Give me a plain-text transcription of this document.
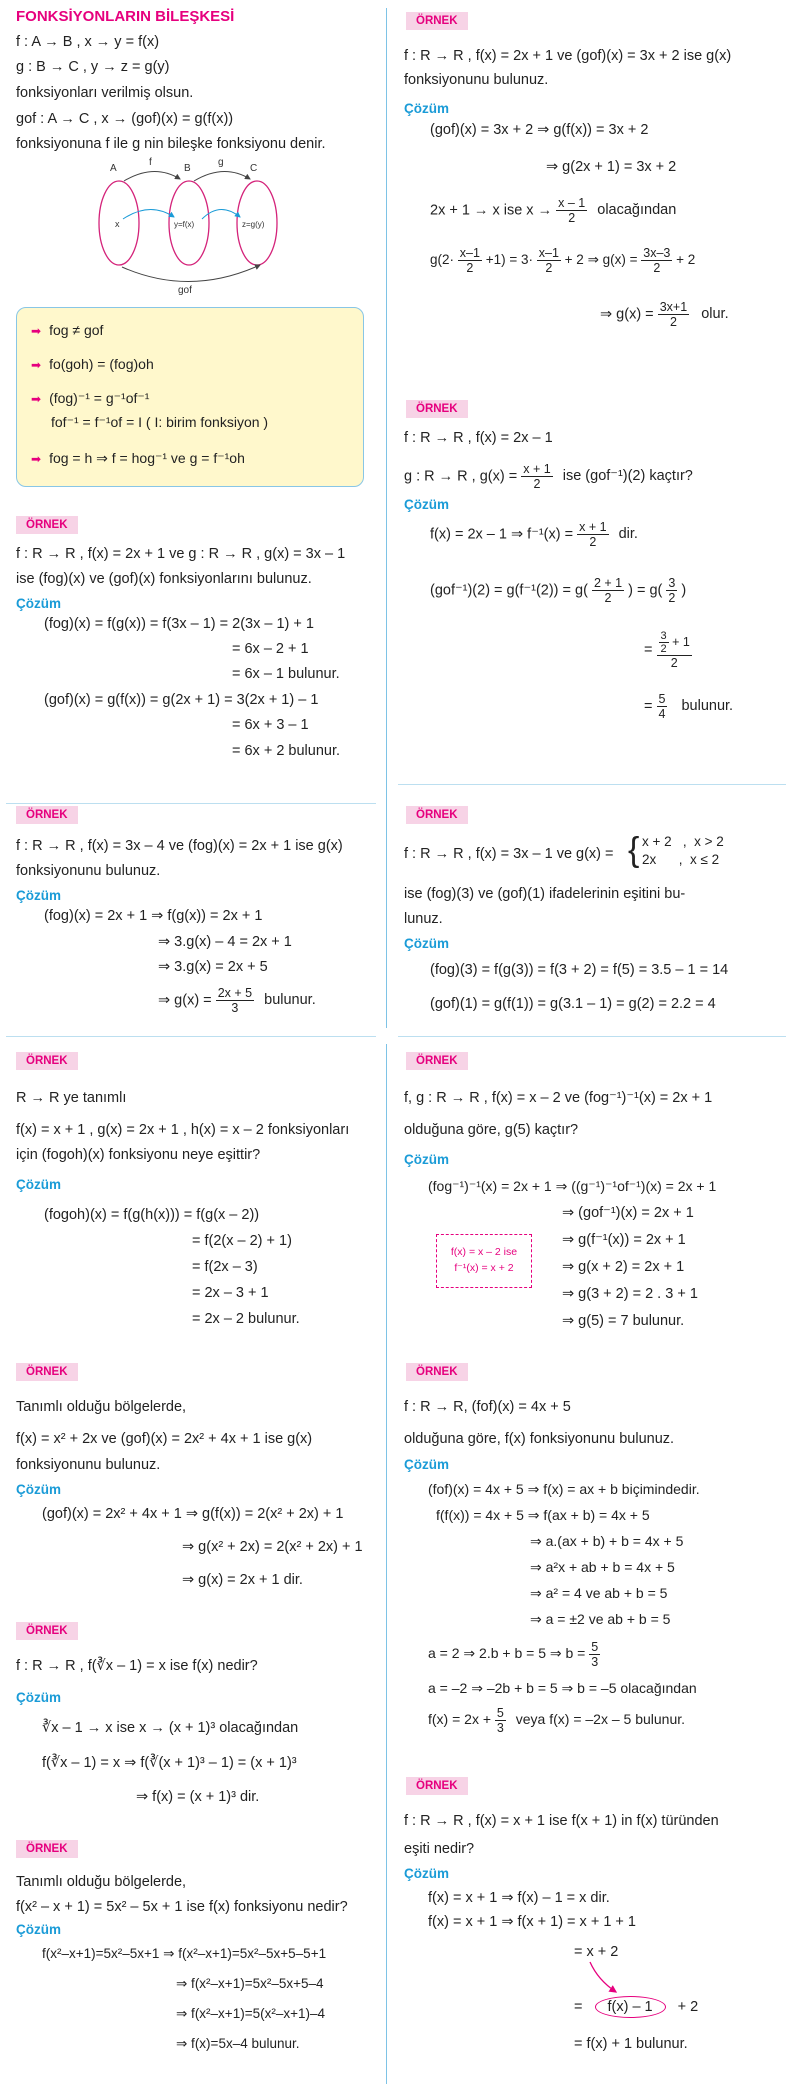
FONKSİYONLARIN BİLEŞKESİ
f : A → B , x → y = f(x)
g : B → C , y → z = g(y)
fonksiyonları verilmiş olsun.
gof : A → C , x → (gof)(x) = g(f(x))
fonksiyonuna f ile g nin bileşke fonksiyonu denir.
A
f
B
g
C
x	y=f(x)	z=g(y)
gof
➡ fog ≠ gof
➡ fo(goh) = (fog)oh
➡ (fog)⁻¹ = g⁻¹of⁻¹
fof⁻¹ = f⁻¹of = I ( I: birim fonksiyon )
➡ fog = h ⇒ f = hog⁻¹ ve g = f⁻¹oh
ÖRNEK
f : R → R , f(x) = 2x + 1 ve g : R → R , g(x) = 3x – 1
ise (fog)(x) ve (gof)(x) fonksiyonlarını bulunuz.
Çözüm
(fog)(x) = f(g(x)) = f(3x – 1) = 2(3x – 1) + 1
= 6x – 2 + 1
= 6x – 1 bulunur.
(gof)(x) = g(f(x)) = g(2x + 1) = 3(2x + 1) – 1
= 6x + 3 – 1
= 6x + 2 bulunur.
ÖRNEK
f : R → R , f(x) = 3x – 4 ve (fog)(x) = 2x + 1 ise g(x)
fonksiyonunu bulunuz.
Çözüm
(fog)(x) = 2x + 1 ⇒ f(g(x)) = 2x + 1
⇒ 3.g(x) – 4 = 2x + 1
⇒ 3.g(x) = 2x + 5
⇒ $g(x) = \frac{2x + 5}{3}$ bulunur.
ÖRNEK
R → R ye tanımlı
f(x) = x + 1 , g(x) = 2x + 1 , h(x) = x – 2 fonksiyonları
için (fogoh)(x) fonksiyonu neye eşittir?
Çözüm
(fogoh)(x) = f(g(h(x))) = f(g(x – 2))
= f(2(x – 2) + 1)
= f(2x – 3)
= 2x – 3 + 1
= 2x – 2 bulunur.
ÖRNEK
Tanımlı olduğu bölgelerde,
f(x) = x² + 2x ve (gof)(x) = 2x² + 4x + 1 ise g(x)
fonksiyonunu bulunuz.
Çözüm
(gof)(x) = 2x² + 4x + 1 ⇒ g(f(x)) = 2(x² + 2x) + 1
⇒ g(x² + 2x) = 2(x² + 2x) + 1
⇒ g(x) = 2x + 1 dir.
ÖRNEK
f : R → R , f(∛x – 1) = x ise f(x) nedir?
Çözüm
∛x – 1 → x ise x → (x + 1)³ olacağından
f(∛x – 1) = x ⇒ f(∛(x + 1)³ – 1) = (x + 1)³
⇒ f(x) = (x + 1)³ dir.
ÖRNEK
Tanımlı olduğu bölgelerde,
f(x² – x + 1) = 5x² – 5x + 1 ise f(x) fonksiyonu nedir?
Çözüm
f(x²–x+1)=5x²–5x+1 ⇒ f(x²–x+1)=5x²–5x+5–5+1
⇒ f(x²–x+1)=5x²–5x+5–4
⇒ f(x²–x+1)=5(x²–x+1)–4
⇒ f(x)=5x–4 bulunur.
ÖRNEK
f : R → R , f(x) = 2x + 1 ve (gof)(x) = 3x + 2 ise g(x)
fonksiyonunu bulunuz.
Çözüm
(gof)(x) = 3x + 2 ⇒ g(f(x)) = 3x + 2
⇒ g(2x + 1) = 3x + 2
2x + 1 → x ise $x \to \frac{x - 1}{2}$ olacağından
$g(2\cdot \frac{x-1}{2} +1) = 3\cdot \frac{x-1}{2} + 2$ ⇒ $g(x) = \frac{3x-3}{2} + 2$
⇒ $g(x) = \frac{3x+1}{2}$ olur.
ÖRNEK
f : R → R , f(x) = 2x – 1
g : R → R , $g(x) = \frac{x + 1}{2}$ ise (gof⁻¹)(2) kaçtır?
Çözüm
f(x) = 2x – 1 ⇒ $f^{-1}(x) = \frac{x + 1}{2}$ dir.
$(gof^{-1})(2) = g(f^{-1}(2)) = g( \frac{2 + 1}{2}$ ) = $g( \frac{3}{2}$ )
= $\frac{\frac{3}{2} + 1}{2}$
= $\frac{5}{4}$ bulunur.
ÖRNEK
f : R → R , f(x) = 3x – 1 ve g(x) = { x + 2   ,  x > 2
2x      ,  x ≤ 2
ise (fog)(3) ve (gof)(1) ifadelerinin eşitini bu-
lunuz.
Çözüm
(fog)(3) = f(g(3)) = f(3 + 2) = f(5) = 3.5 – 1 = 14
(gof)(1) = g(f(1)) = g(3.1 – 1) = g(2) = 2.2 = 4
ÖRNEK
f, g : R → R , f(x) = x – 2 ve (fog⁻¹)⁻¹(x) = 2x + 1
olduğuna göre, g(5) kaçtır?
Çözüm
f(x) = x – 2 ise
f⁻¹(x) = x + 2
(fog⁻¹)⁻¹(x) = 2x + 1 ⇒ ((g⁻¹)⁻¹of⁻¹)(x) = 2x + 1
⇒ (gof⁻¹)(x) = 2x + 1
⇒ g(f⁻¹(x)) = 2x + 1
⇒ g(x + 2) = 2x + 1
⇒ g(3 + 2) = 2 . 3 + 1
⇒ g(5) = 7 bulunur.
ÖRNEK
f : R → R, (fof)(x) = 4x + 5
olduğuna göre, f(x) fonksiyonunu bulunuz.
Çözüm
(fof)(x) = 4x + 5 ⇒ f(x) = ax + b biçimindedir.
f(f(x)) = 4x + 5 ⇒ f(ax + b) = 4x + 5
⇒ a.(ax + b) + b = 4x + 5
⇒ a²x + ab + b = 4x + 5
⇒ a² = 4 ve ab + b = 5
⇒ a = ±2 ve ab + b = 5
a = 2 ⇒ 2.b + b = 5 ⇒ $b = \frac{5}{3}$
a = –2 ⇒ –2b + b = 5 ⇒ b = –5 olacağından
$f(x) = 2x + \frac{5}{3}$ veya f(x) = –2x – 5 bulunur.
ÖRNEK
f : R → R , f(x) = x + 1 ise f(x + 1) in f(x) türünden
eşiti nedir?
Çözüm
f(x) = x + 1 ⇒ f(x) – 1 = x dir.
f(x) = x + 1 ⇒ f(x + 1) = x + 1 + 1
= x + 2
= f(x) – 1 + 2
= f(x) + 1 bulunur.
